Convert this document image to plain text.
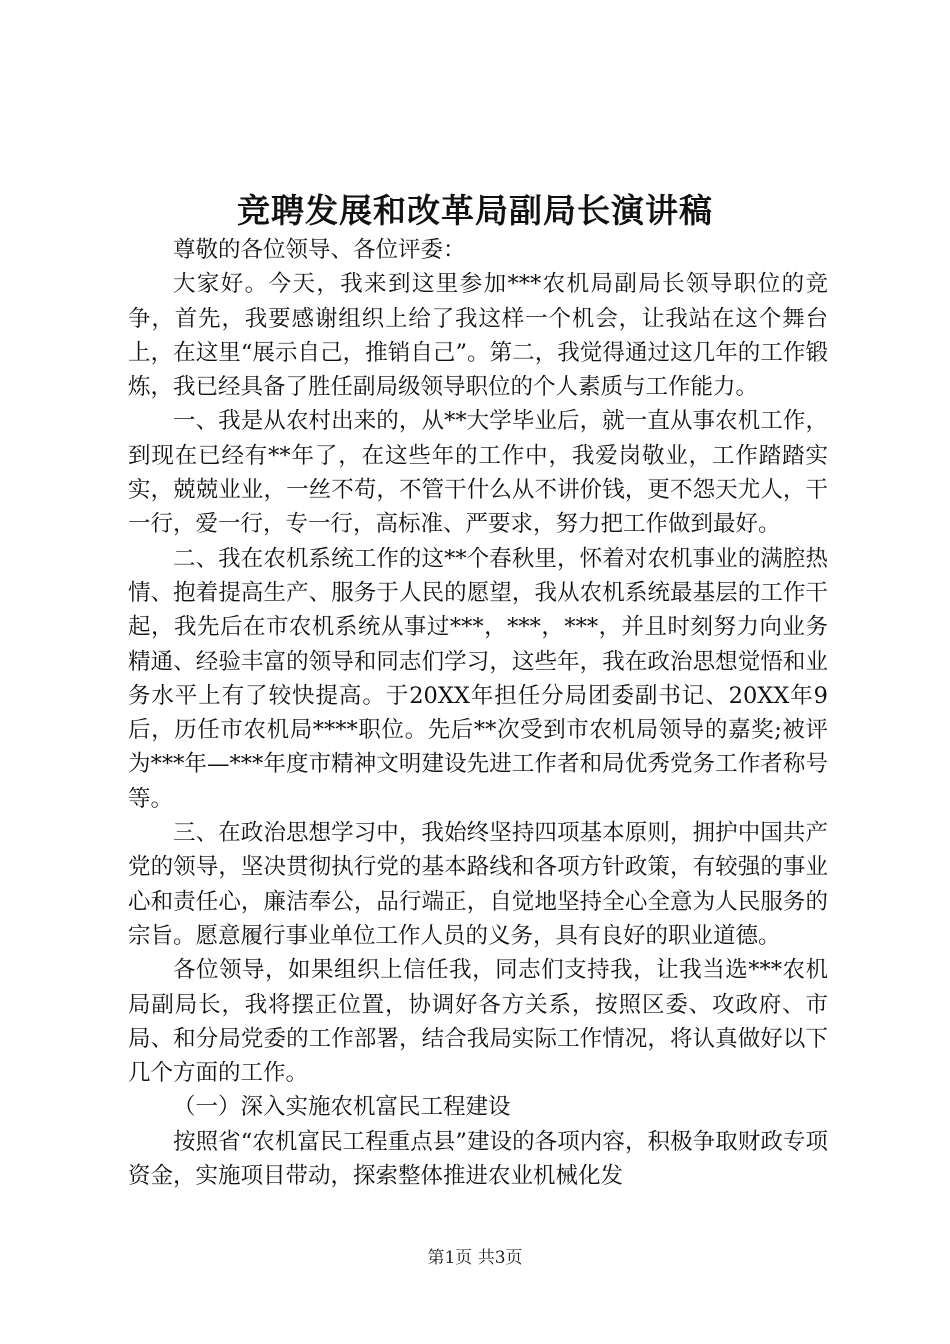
竞聘发展和改革局副局长演讲稿

尊敬的各位领导、各位评委：

大家好。今天，我来到这里参加***农机局副局长领导职位的竞争，首先，我要感谢组织上给了我这样一个机会，让我站在这个舞台上，在这里“展示自己，推销自己”。第二，我觉得通过这几年的工作锻炼，我已经具备了胜任副局级领导职位的个人素质与工作能力。

一、我是从农村出来的，从**大学毕业后，就一直从事农机工作，到现在已经有**年了，在这些年的工作中，我爱岗敬业，工作踏踏实实，兢兢业业，一丝不苟，不管干什么从不讲价钱，更不怨天尤人，干一行，爱一行，专一行，高标准、严要求，努力把工作做到最好。

二、我在农机系统工作的这**个春秋里，怀着对农机事业的满腔热情、抱着提高生产、服务于人民的愿望，我从农机系统最基层的工作干起，我先后在市农机系统从事过***，***，***，并且时刻努力向业务精通、经验丰富的领导和同志们学习，这些年，我在政治思想觉悟和业务水平上有了较快提高。于20XX年担任分局团委副书记、20XX年9后，历任市农机局****职位。先后**次受到市农机局领导的嘉奖;被评为***年—***年度市精神文明建设先进工作者和局优秀党务工作者称号等。

三、在政治思想学习中，我始终坚持四项基本原则，拥护中国共产党的领导，坚决贯彻执行党的基本路线和各项方针政策，有较强的事业心和责任心，廉洁奉公，品行端正，自觉地坚持全心全意为人民服务的宗旨。愿意履行事业单位工作人员的义务，具有良好的职业道德。

各位领导，如果组织上信任我，同志们支持我，让我当选***农机局副局长，我将摆正位置，协调好各方关系，按照区委、攻政府、市局、和分局党委的工作部署，结合我局实际工作情况，将认真做好以下几个方面的工作。

（一）深入实施农机富民工程建设

按照省“农机富民工程重点县”建设的各项内容，积极争取财政专项资金，实施项目带动，探索整体推进农业机械化发

第1页 共3页
